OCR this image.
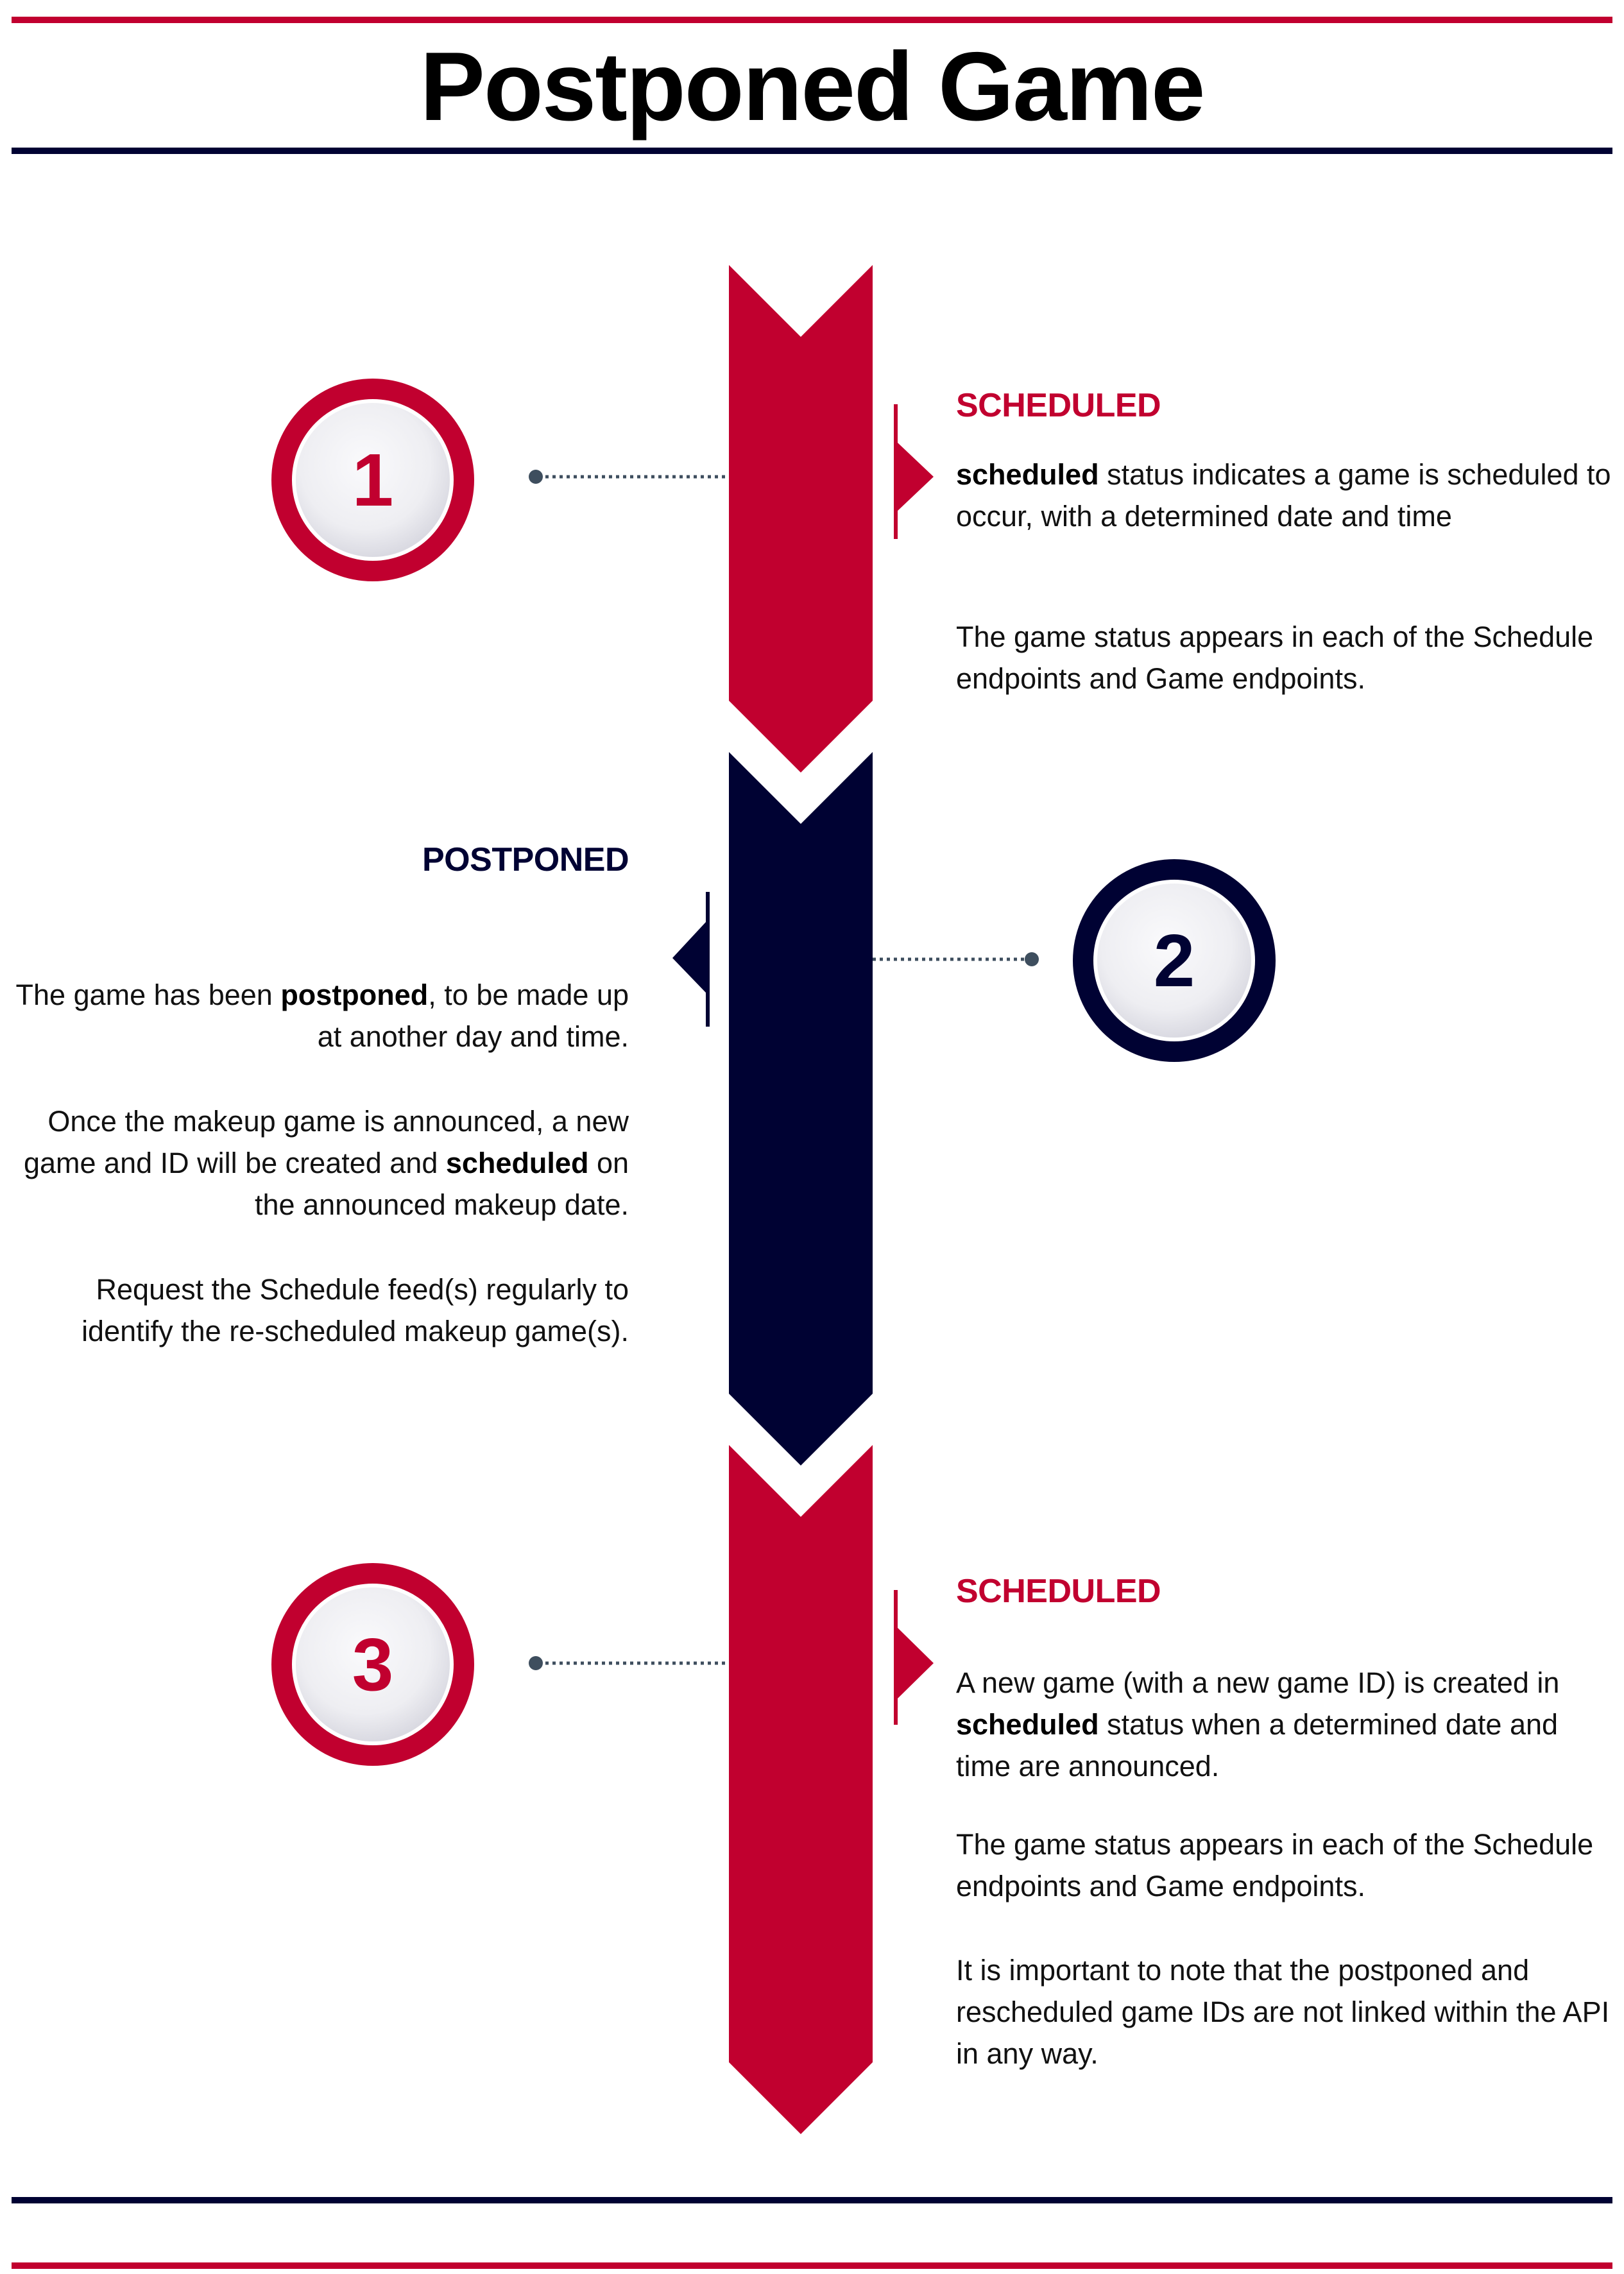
Postponed Game
1
2
3
SCHEDULED
scheduled status indicates a game is scheduled to occur, with a determined date and time
The game status appears in each of the Schedule endpoints and Game endpoints.
POSTPONED
The game has been postponed, to be made up at another day and time.
Once the makeup game is announced, a new game and ID will be created and scheduled on the announced makeup date.
Request the Schedule feed(s) regularly to identify the re-scheduled makeup game(s).
SCHEDULED
A new game (with a new game ID) is created in scheduled status when a determined date and time are announced.
The game status appears in each of the Schedule endpoints and Game endpoints.
It is important to note that the postponed and rescheduled game IDs are not linked within the API in any way.
